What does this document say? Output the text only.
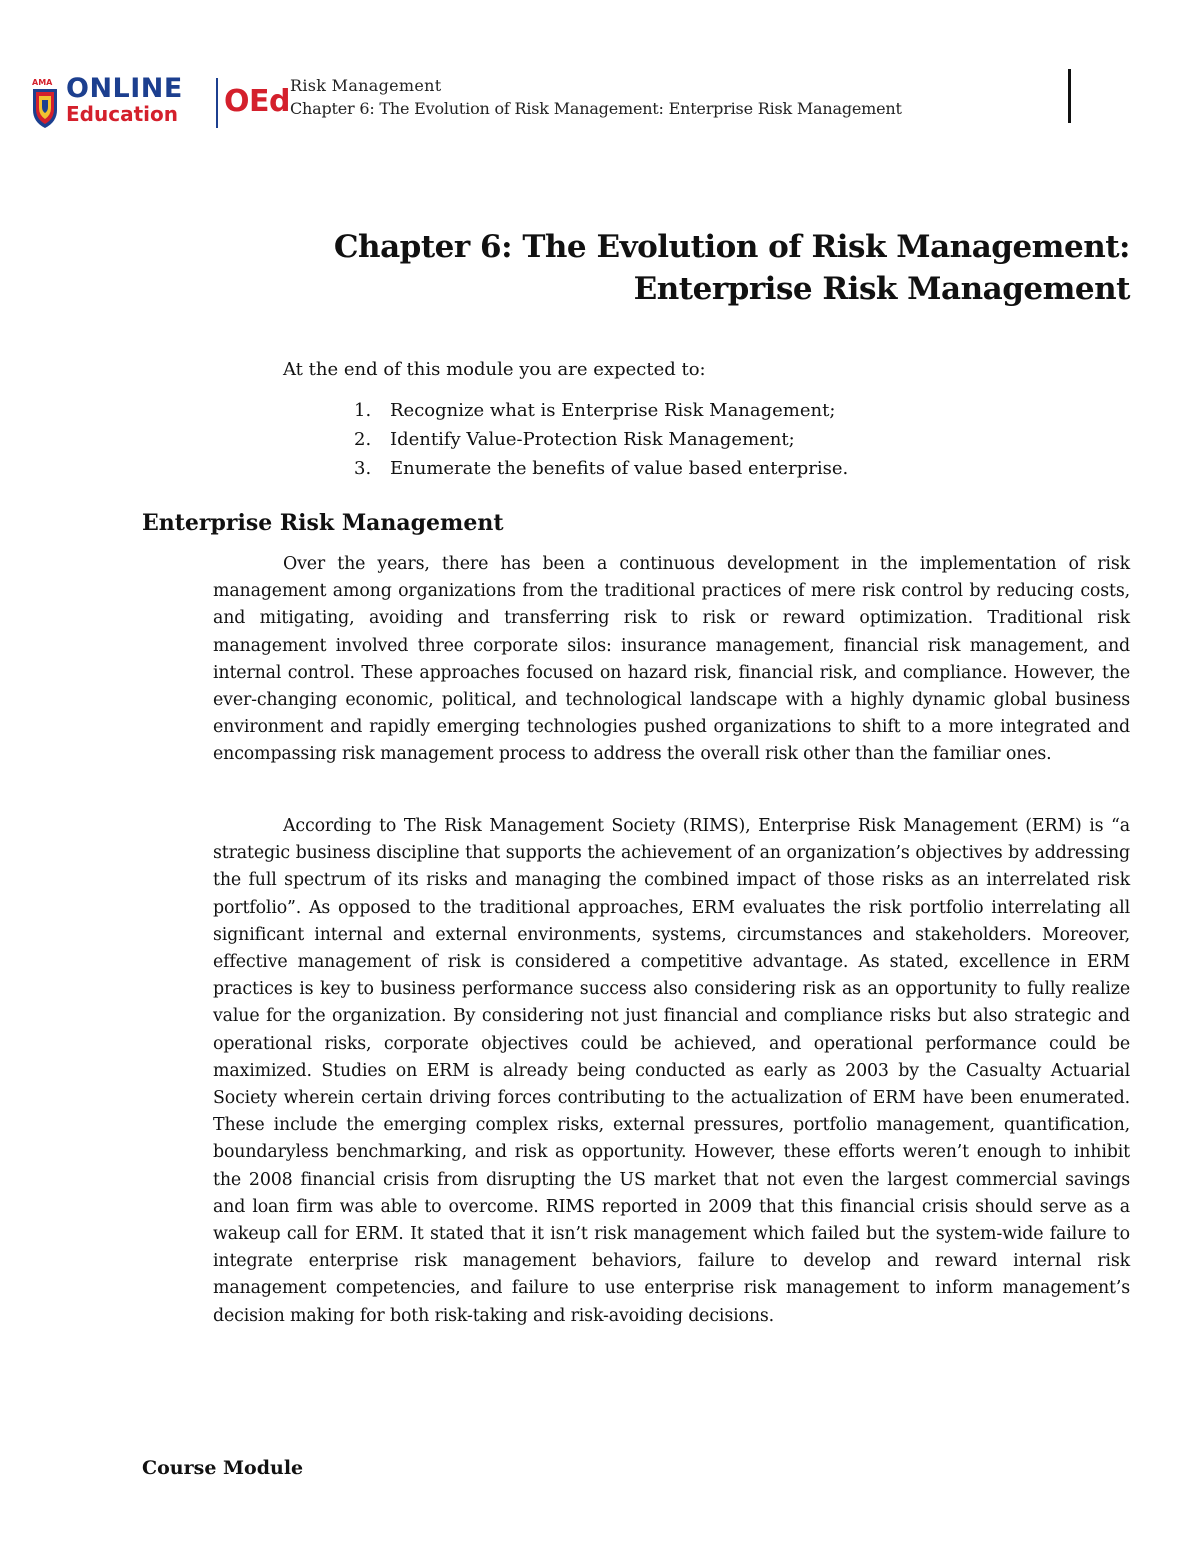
AMA ONLINE
Education OEd Risk Management
Chapter 6: The Evolution of Risk Management: Enterprise Risk Management
Chapter 6: The Evolution of Risk Management:
Enterprise Risk Management
At the end of this module you are expected to:
1. Recognize what is Enterprise Risk Management;
2. Identify Value-Protection Risk Management;
3. Enumerate the benefits of value based enterprise.
Enterprise Risk Management

Over the years, there has been a continuous development in the implementation of risk management among organizations from the traditional practices of mere risk control by reducing costs, and mitigating, avoiding and transferring risk to risk or reward optimization. Traditional risk management involved three corporate silos: insurance management, financial risk management, and internal control. These approaches focused on hazard risk, financial risk, and compliance. However, the ever-changing economic, political, and technological landscape with a highly dynamic global business environment and rapidly emerging technologies pushed organizations to shift to a more integrated and encompassing risk management process to address the overall risk other than the familiar ones.

According to The Risk Management Society (RIMS), Enterprise Risk Management (ERM) is “a strategic business discipline that supports the achievement of an organization’s objectives by addressing the full spectrum of its risks and managing the combined impact of those risks as an interrelated risk portfolio”. As opposed to the traditional approaches, ERM evaluates the risk portfolio interrelating all significant internal and external environments, systems, circumstances and stakeholders. Moreover, effective management of risk is considered a competitive advantage. As stated, excellence in ERM practices is key to business performance success also considering risk as an opportunity to fully realize value for the organization. By considering not just financial and compliance risks but also strategic and operational risks, corporate objectives could be achieved, and operational performance could be maximized. Studies on ERM is already being conducted as early as 2003 by the Casualty Actuarial Society wherein certain driving forces contributing to the actualization of ERM have been enumerated. These include the emerging complex risks, external pressures, portfolio management, quantification, boundaryless benchmarking, and risk as opportunity. However, these efforts weren’t enough to inhibit the 2008 financial crisis from disrupting the US market that not even the largest commercial savings and loan firm was able to overcome. RIMS reported in 2009 that this financial crisis should serve as a wakeup call for ERM. It stated that it isn’t risk management which failed but the system-wide failure to integrate enterprise risk management behaviors, failure to develop and reward internal risk management competencies, and failure to use enterprise risk management to inform management’s decision making for both risk-taking and risk-avoiding decisions.

Course Module
